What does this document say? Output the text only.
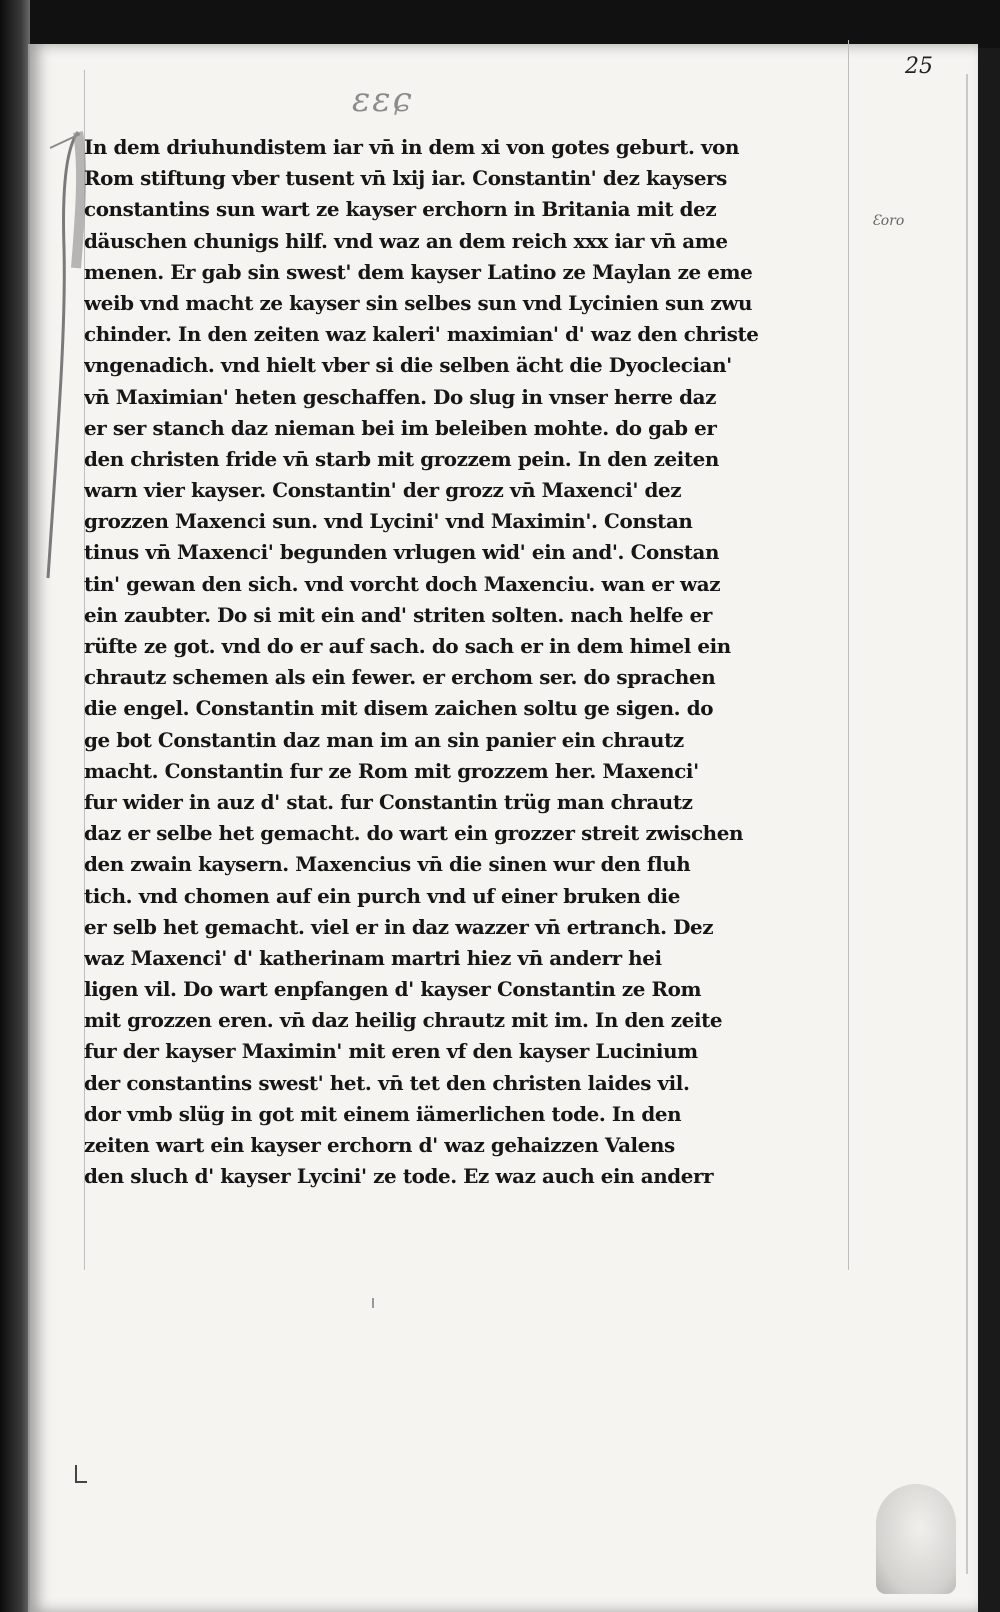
25
ɛɛɕ
Ɛoro
In dem driuhundistem iar vn̄ in dem xi von gotes geburt. von
Rom stiftung vber tusent vn̄ lxij iar. Constantin' dez kaysers
constantins sun wart ze kayser erchorn in Britania mit dez
däuschen chunigs hilf. vnd waz an dem reich xxx iar vn̄ ame
menen. Er gab sin swest' dem kayser Latino ze Maylan ze eme
weib vnd macht ze kayser sin selbes sun vnd Lycinien sun zwu
chinder. In den zeiten waz kaleri' maximian' d' waz den christe
vngenadich. vnd hielt vber si die selben ächt die Dyoclecian'
vn̄ Maximian' heten geschaffen. Do slug in vnser herre daz
er ser stanch daz nieman bei im beleiben mohte. do gab er
den christen fride vn̄ starb mit grozzem pein. In den zeiten
warn vier kayser. Constantin' der grozz vn̄ Maxenci' dez
grozzen Maxenci sun. vnd Lycini' vnd Maximin'. Constan
tinus vn̄ Maxenci' begunden vrlugen wid' ein and'. Constan
tin' gewan den sich. vnd vorcht doch Maxenciu. wan er waz
ein zaubter. Do si mit ein and' striten solten. nach helfe er
rüfte ze got. vnd do er auf sach. do sach er in dem himel ein
chrautz schemen als ein fewer. er erchom ser. do sprachen
die engel. Constantin mit disem zaichen soltu ge sigen. do
ge bot Constantin daz man im an sin panier ein chrautz
macht. Constantin fur ze Rom mit grozzem her. Maxenci'
fur wider in auz d' stat. fur Constantin trüg man chrautz
daz er selbe het gemacht. do wart ein grozzer streit zwischen
den zwain kaysern. Maxencius vn̄ die sinen wur den fluh
tich. vnd chomen auf ein purch vnd uf einer bruken die
er selb het gemacht. viel er in daz wazzer vn̄ ertranch. Dez
waz Maxenci' d' katherinam martri hiez vn̄ anderr hei
ligen vil. Do wart enpfangen d' kayser Constantin ze Rom
mit grozzen eren. vn̄ daz heilig chrautz mit im. In den zeite
fur der kayser Maximin' mit eren vf den kayser Lucinium
der constantins swest' het. vn̄ tet den christen laides vil.
dor vmb slüg in got mit einem iämerlichen tode. In den
zeiten wart ein kayser erchorn d' waz gehaizzen Valens
den sluch d' kayser Lycini' ze tode. Ez waz auch ein anderr
